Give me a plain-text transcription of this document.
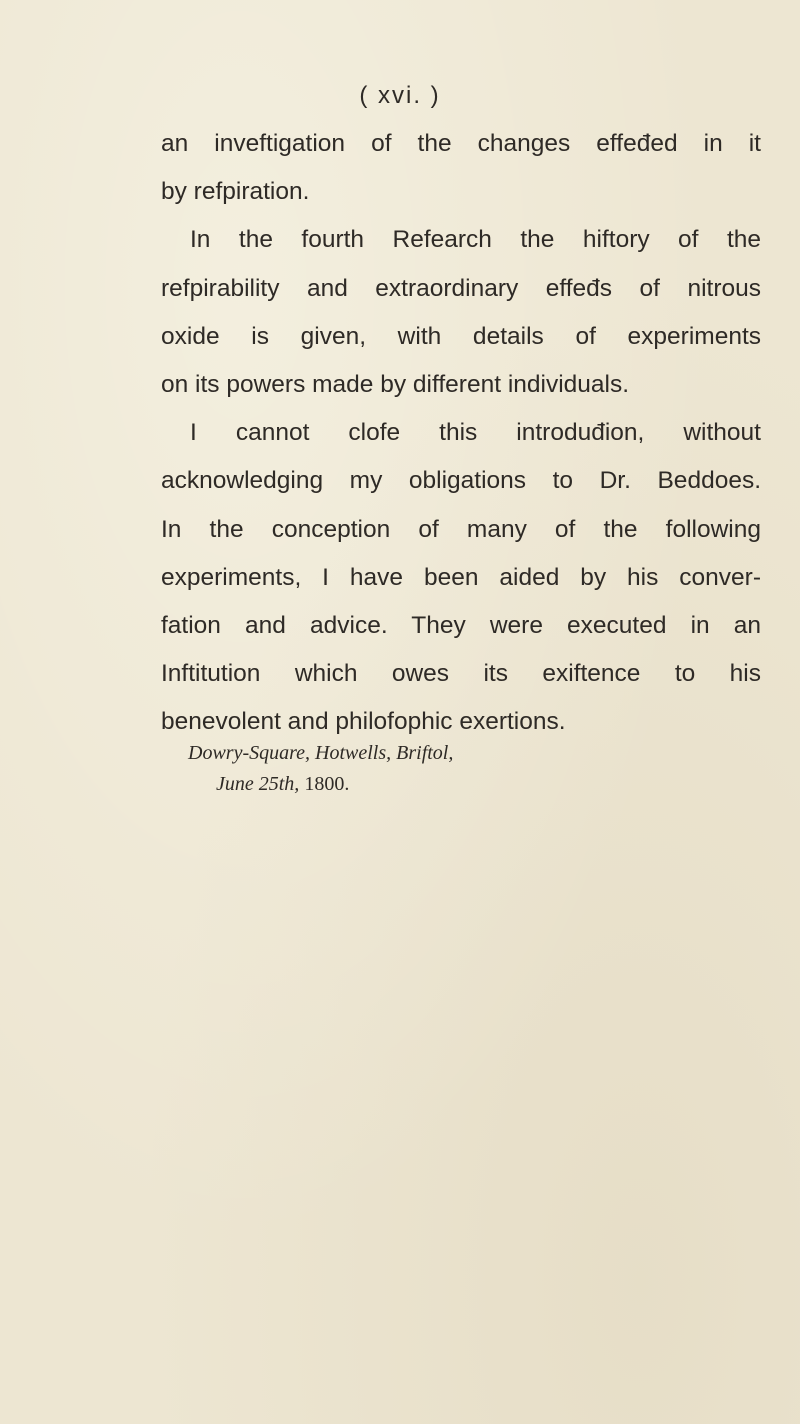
( xvi. )
an inveftigation of the changes effeđed in it
by refpiration.
In the fourth Refearch the hiftory of the
refpirability and extraordinary effeđs of nitrous
oxide is given, with details of experiments
on its powers made by different individuals.
I cannot clofe this introduđion, without
acknowledging my obligations to Dr. Beddoes.
In the conception of many of the following
experiments, I have been aided by his conver-
fation and advice. They were executed in an
Inftitution which owes its exiftence to his
benevolent and philofophic exertions.
Dowry-Square, Hotwells, Briftol,
June 25th, 1800.
